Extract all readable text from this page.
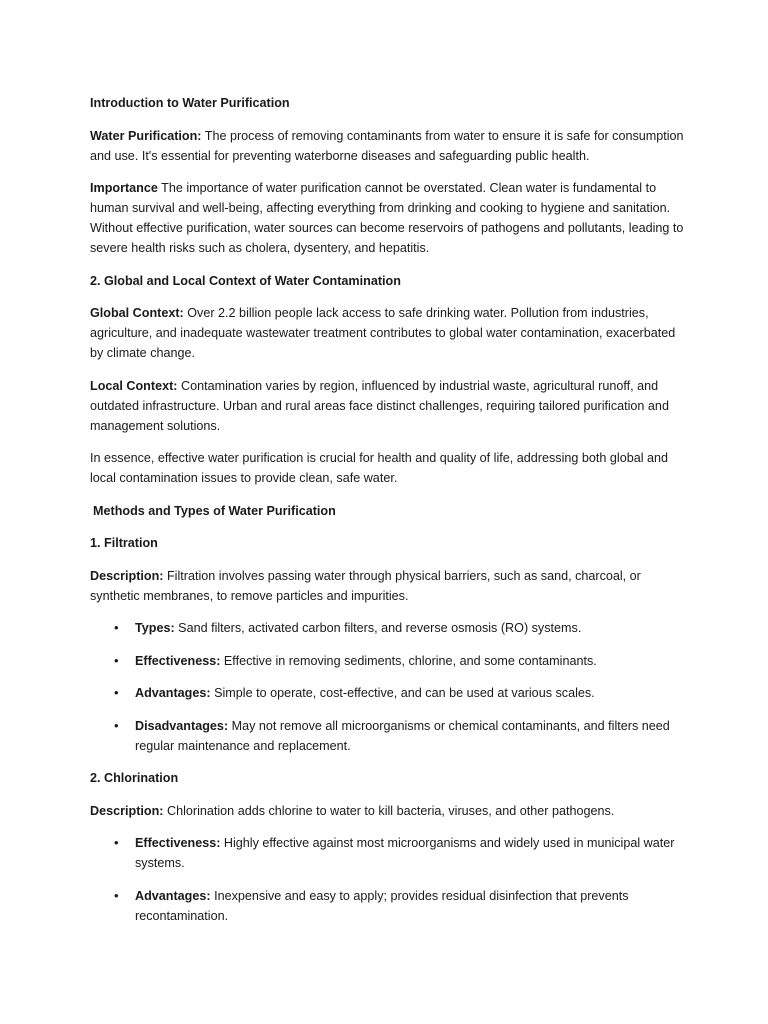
Introduction to Water Purification

Water Purification: The process of removing contaminants from water to ensure it is safe for consumption and use. It's essential for preventing waterborne diseases and safeguarding public health.

Importance The importance of water purification cannot be overstated. Clean water is fundamental to human survival and well-being, affecting everything from drinking and cooking to hygiene and sanitation. Without effective purification, water sources can become reservoirs of pathogens and pollutants, leading to severe health risks such as cholera, dysentery, and hepatitis.

2. Global and Local Context of Water Contamination

Global Context: Over 2.2 billion people lack access to safe drinking water. Pollution from industries, agriculture, and inadequate wastewater treatment contributes to global water contamination, exacerbated by climate change.

Local Context: Contamination varies by region, influenced by industrial waste, agricultural runoff, and outdated infrastructure. Urban and rural areas face distinct challenges, requiring tailored purification and management solutions.

In essence, effective water purification is crucial for health and quality of life, addressing both global and local contamination issues to provide clean, safe water.

Methods and Types of Water Purification
1. Filtration

Description: Filtration involves passing water through physical barriers, such as sand, charcoal, or synthetic membranes, to remove particles and impurities.

• Types: Sand filters, activated carbon filters, and reverse osmosis (RO) systems.
• Effectiveness: Effective in removing sediments, chlorine, and some contaminants.
• Advantages: Simple to operate, cost-effective, and can be used at various scales.
• Disadvantages: May not remove all microorganisms or chemical contaminants, and filters need regular maintenance and replacement.
2. Chlorination

Description: Chlorination adds chlorine to water to kill bacteria, viruses, and other pathogens.

• Effectiveness: Highly effective against most microorganisms and widely used in municipal water systems.
• Advantages: Inexpensive and easy to apply; provides residual disinfection that prevents recontamination.
